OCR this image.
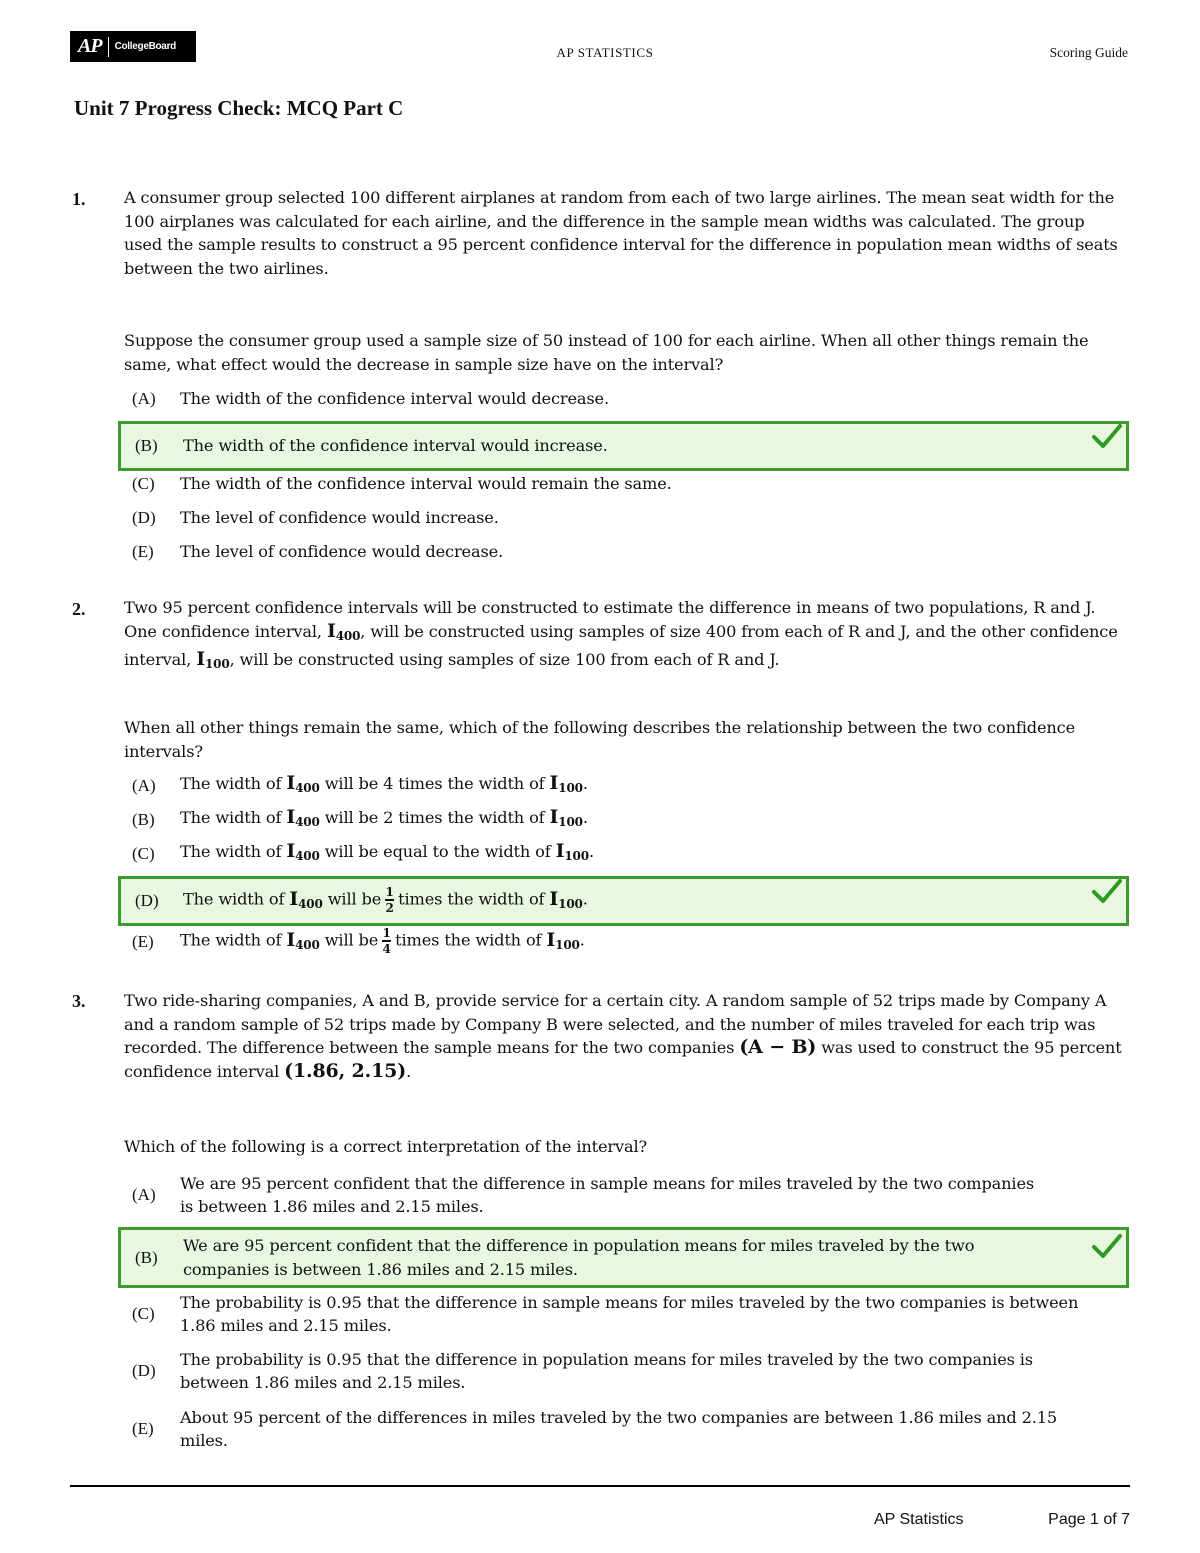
AP CollegeBoard	AP STATISTICS	Scoring Guide
Unit 7 Progress Check: MCQ Part C
1. A consumer group selected 100 different airplanes at random from each of two large airlines. The mean seat width for the 100 airplanes was calculated for each airline, and the difference in the sample mean widths was calculated. The group used the sample results to construct a 95 percent confidence interval for the difference in population mean widths of seats between the two airlines.
Suppose the consumer group used a sample size of 50 instead of 100 for each airline. When all other things remain the same, what effect would the decrease in sample size have on the interval?
(A)	The width of the confidence interval would decrease.
(B)	The width of the confidence interval would increase.
(C)	The width of the confidence interval would remain the same.
(D)	The level of confidence would increase.
(E)	The level of confidence would decrease.
2. Two 95 percent confidence intervals will be constructed to estimate the difference in means of two populations, R and J. One confidence interval, $I_{400}$, will be constructed using samples of size 400 from each of R and J, and the other confidence interval, $I_{100}$, will be constructed using samples of size 100 from each of R and J.
When all other things remain the same, which of the following describes the relationship between the two confidence intervals?
(A)	The width of $I_{400}$ will be 4 times the width of $I_{100}$.
(B)	The width of $I_{400}$ will be 2 times the width of $I_{100}$.
(C)	The width of $I_{400}$ will be equal to the width of $I_{100}$.
(D)	The width of $I_{400}$ will be $\frac{1}{2}$ times the width of $I_{100}$.
(E)	The width of $I_{400}$ will be $\frac{1}{4}$ times the width of $I_{100}$.
3. Two ride-sharing companies, A and B, provide service for a certain city. A random sample of 52 trips made by Company A and a random sample of 52 trips made by Company B were selected, and the number of miles traveled for each trip was recorded. The difference between the sample means for the two companies (A − B) was used to construct the 95 percent confidence interval (1.86, 2.15).
Which of the following is a correct interpretation of the interval?
(A)
We are 95 percent confident that the difference in sample means for miles traveled by the two companies is between 1.86 miles and 2.15 miles.
(B)
We are 95 percent confident that the difference in population means for miles traveled by the two companies is between 1.86 miles and 2.15 miles.
(C)
The probability is 0.95 that the difference in sample means for miles traveled by the two companies is between 1.86 miles and 2.15 miles.
(D)
The probability is 0.95 that the difference in population means for miles traveled by the two companies is between 1.86 miles and 2.15 miles.
(E)
About 95 percent of the differences in miles traveled by the two companies are between 1.86 miles and 2.15 miles.
AP Statistics	Page 1 of 7
